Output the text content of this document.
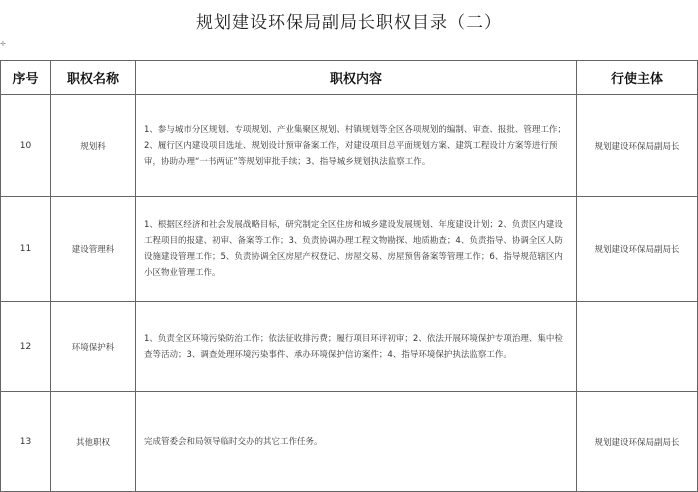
规划建设环保局副局长职权目录（二）
✛
序号	职权名称	职权内容	行使主体
10	规划科	1、参与城市分区规划、专项规划、产业集聚区规划、村镇规划等全区各项规划的编制、审查、报批、管理工作；2、履行区内建设项目选址、规划设计预审备案工作，对建设项目总平面规划方案、建筑工程设计方案等进行预审，协助办理“一书两证”等规划审批手续；3、指导城乡规划执法监察工作。	规划建设环保局副局长
11	建设管理科	1、根据区经济和社会发展战略目标，研究制定全区住房和城乡建设发展规划、年度建设计划；2、负责区内建设工程项目的报建、初审、备案等工作；3、负责协调办理工程文物勘探、地质勘查；4、负责指导、协调全区人防设施建设管理工作；5、负责协调全区房屋产权登记、房屋交易、房屋预售备案等管理工作；6、指导规范辖区内小区物业管理工作。	规划建设环保局副局长
12	环境保护科	1、负责全区环境污染防治工作；依法征收排污费；履行项目环评初审；2、依法开展环境保护专项治理、集中检查等活动；3、调查处理环境污染事件、承办环境保护信访案件；4、指导环境保护执法监察工作。	
13	其他职权	完成管委会和局领导临时交办的其它工作任务。	规划建设环保局副局长
